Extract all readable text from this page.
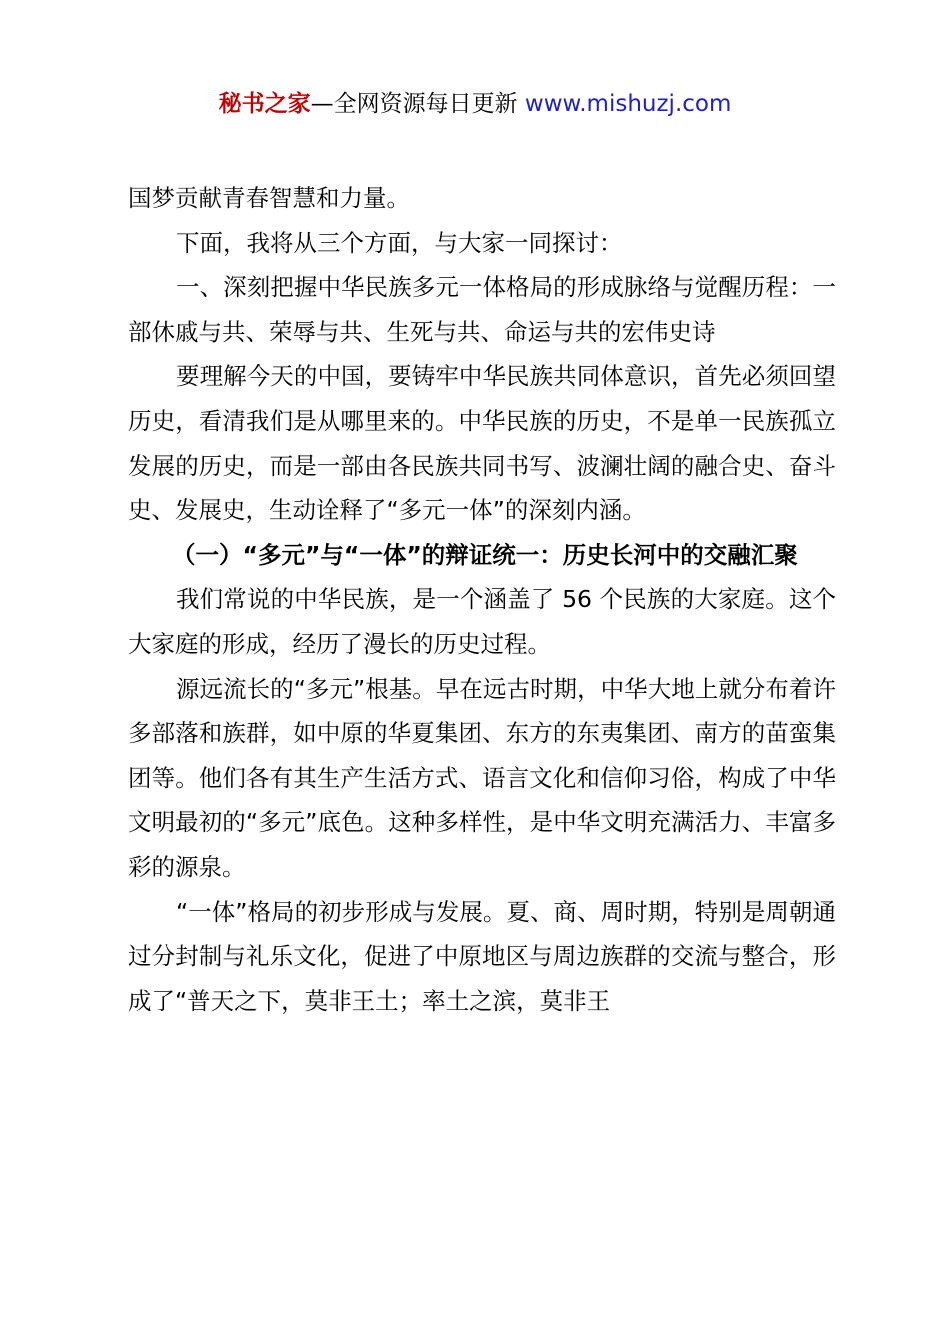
秘书之家—全网资源每日更新 www.mishuzj.com

国梦贡献青春智慧和力量。

下面，我将从三个方面，与大家一同探讨：

一、深刻把握中华民族多元一体格局的形成脉络与觉醒历程：一部休戚与共、荣辱与共、生死与共、命运与共的宏伟史诗

要理解今天的中国，要铸牢中华民族共同体意识，首先必须回望历史，看清我们是从哪里来的。中华民族的历史，不是单一民族孤立发展的历史，而是一部由各民族共同书写、波澜壮阔的融合史、奋斗史、发展史，生动诠释了“多元一体”的深刻内涵。

（一）“多元”与“一体”的辩证统一：历史长河中的交融汇聚

我们常说的中华民族，是一个涵盖了 56 个民族的大家庭。这个大家庭的形成，经历了漫长的历史过程。

源远流长的“多元”根基。早在远古时期，中华大地上就分布着许多部落和族群，如中原的华夏集团、东方的东夷集团、南方的苗蛮集团等。他们各有其生产生活方式、语言文化和信仰习俗，构成了中华文明最初的“多元”底色。这种多样性，是中华文明充满活力、丰富多彩的源泉。

“一体”格局的初步形成与发展。夏、商、周时期，特别是周朝通过分封制与礼乐文化，促进了中原地区与周边族群的交流与整合，形成了“普天之下，莫非王土；率土之滨，莫非王
